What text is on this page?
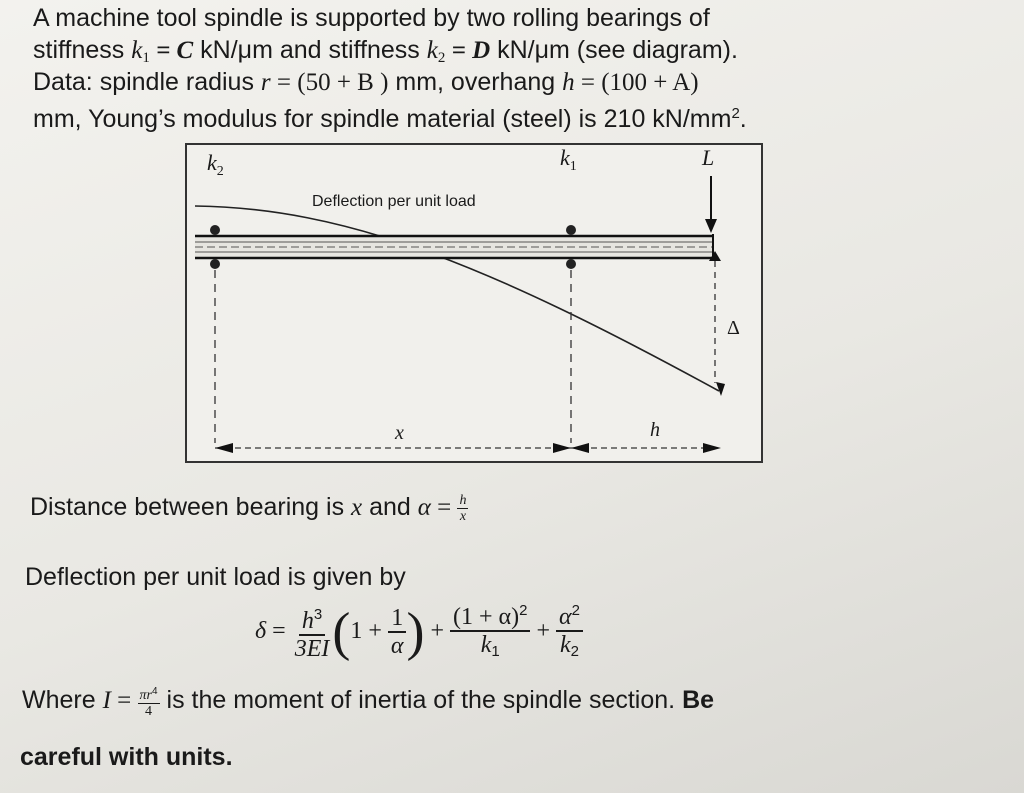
A machine tool spindle is supported by two rolling bearings of
stiffness $k_1 = C$ kN/μm and stiffness $k_2 = D$ kN/μm (see diagram).
Data: spindle radius r = (50 + B ) mm, overhang h = (100 + A)
mm, Young’s modulus for spindle material (steel) is 210 $kN/mm^2$.
$k_2$
$k_1$	L
Deflection per unit load
Δ
x	h
Distance between bearing is x and $\alpha = \frac{h}{x}$
Deflection per unit load is given by
$\delta = \frac{h^3}{3EI} (1 + \frac{1}{\alpha}$ ) + $\frac{(1 + \alpha)^2}{k_1} + \frac{\alpha^2}{k_2}$
Where $I = \frac{\pi r^4}{4}$ is the moment of inertia of the spindle section. Be
careful with units.
